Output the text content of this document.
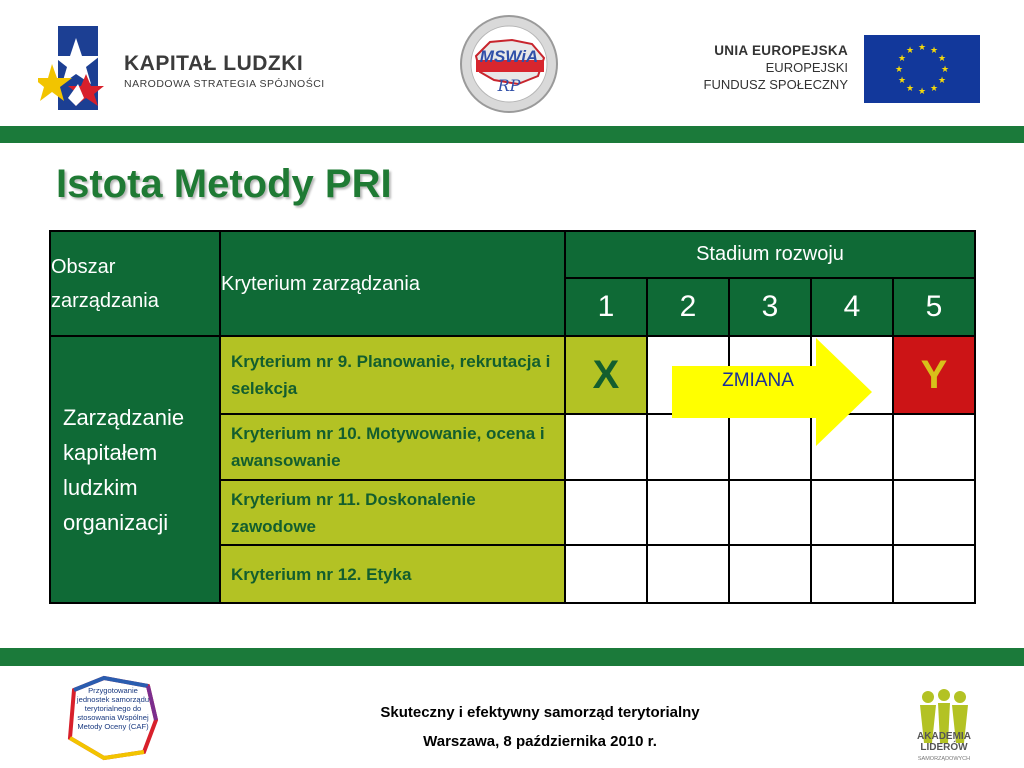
KAPITAŁ LUDZKI
NARODOWA STRATEGIA SPÓJNOŚCI
MSWiA
RP
UNIA EUROPEJSKA
EUROPEJSKI
FUNDUSZ SPOŁECZNY
★ ★
★
★
★
★
★
★
★
★
★
★
Istota Metody PRI
Obszar zarządzania	Kryterium zarządzania	Stadium rozwoju				
		1	2	3	4	5
Zarządzanie kapitałem ludzkim organizacji	Kryterium nr 9. Planowanie, rekrutacja i selekcja	X				Y
	Kryterium nr 10. Motywowanie, ocena i awansowanie					
	Kryterium nr 11. Doskonalenie zawodowe					
	Kryterium nr 12. Etyka					
ZMIANA
Przygotowanie jednostek samorządu terytorialnego do stosowania Wspólnej Metody Oceny (CAF)
Skuteczny i efektywny samorząd terytorialny
Warszawa, 8 października 2010 r.	AKADEMIA LIDERÓW
SAMORZĄDOWYCH
